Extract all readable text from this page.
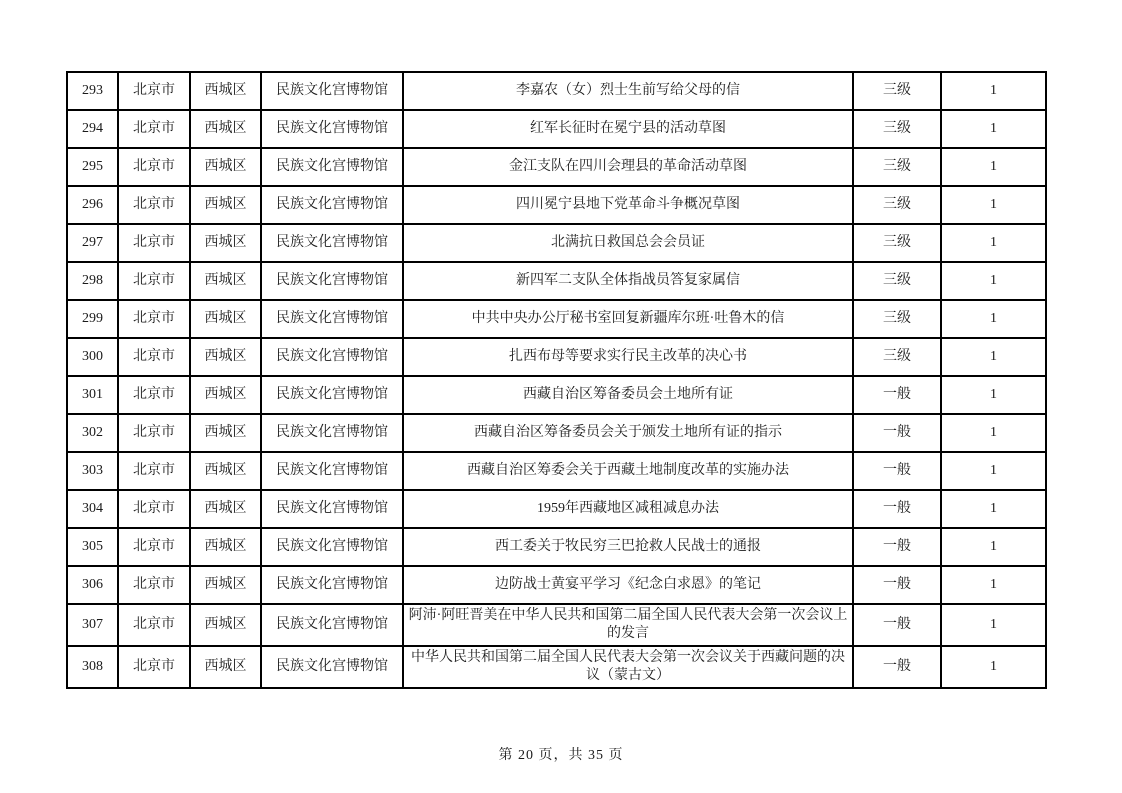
293	北京市	西城区	民族文化宫博物馆	李嘉农（女）烈士生前写给父母的信	三级	1
294	北京市	西城区	民族文化宫博物馆	红军长征时在冕宁县的活动草图	三级	1
295	北京市	西城区	民族文化宫博物馆	金江支队在四川会理县的革命活动草图	三级	1
296	北京市	西城区	民族文化宫博物馆	四川冕宁县地下党革命斗争概况草图	三级	1
297	北京市	西城区	民族文化宫博物馆	北满抗日救国总会会员证	三级	1
298	北京市	西城区	民族文化宫博物馆	新四军二支队全体指战员答复家属信	三级	1
299	北京市	西城区	民族文化宫博物馆	中共中央办公厅秘书室回复新疆库尔班·吐鲁木的信	三级	1
300	北京市	西城区	民族文化宫博物馆	扎西布母等要求实行民主改革的决心书	三级	1
301	北京市	西城区	民族文化宫博物馆	西藏自治区筹备委员会土地所有证	一般	1
302	北京市	西城区	民族文化宫博物馆	西藏自治区筹备委员会关于颁发土地所有证的指示	一般	1
303	北京市	西城区	民族文化宫博物馆	西藏自治区筹委会关于西藏土地制度改革的实施办法	一般	1
304	北京市	西城区	民族文化宫博物馆	1959年西藏地区减租减息办法	一般	1
305	北京市	西城区	民族文化宫博物馆	西工委关于牧民穷三巴抢救人民战士的通报	一般	1
306	北京市	西城区	民族文化宫博物馆	边防战士黄宴平学习《纪念白求恩》的笔记	一般	1
307	北京市	西城区	民族文化宫博物馆	阿沛·阿旺晋美在中华人民共和国第二届全国人民代表大会第一次会议上的发言	一般	1
308	北京市	西城区	民族文化宫博物馆	中华人民共和国第二届全国人民代表大会第一次会议关于西藏问题的决议（蒙古文）	一般	1
第 20 页，共 35 页
